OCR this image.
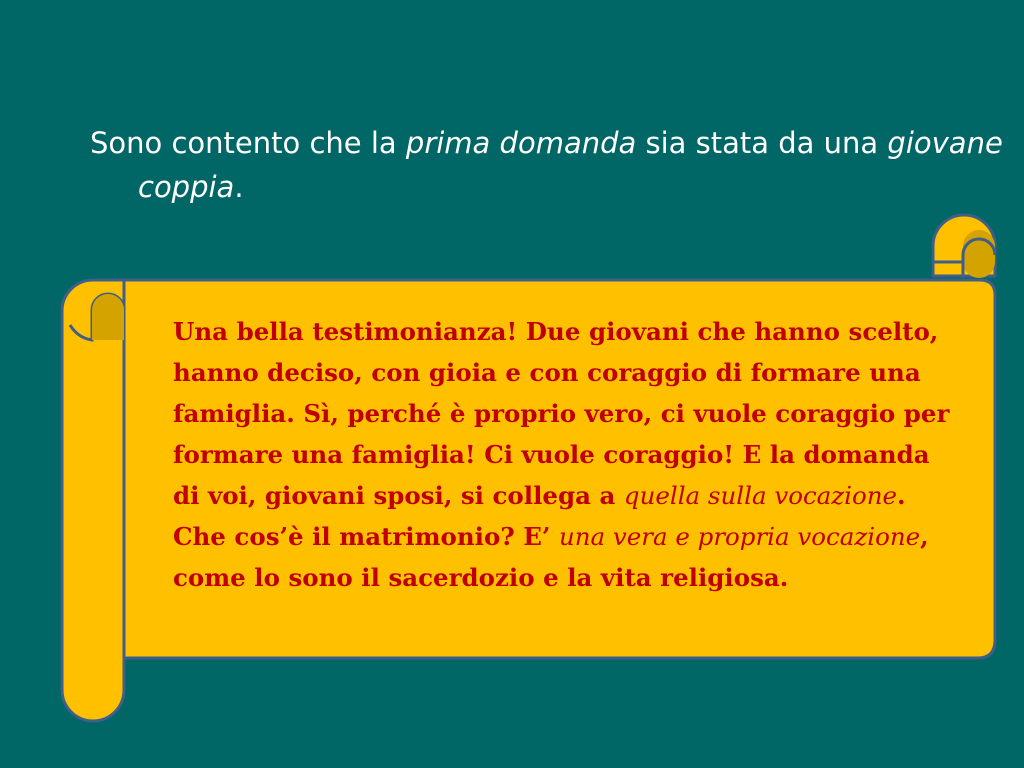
Sono contento che la prima domanda sia stata da una giovane coppia.

Una bella testimonianza! Due giovani che hanno scelto, hanno deciso, con gioia e con coraggio di formare una famiglia. Sì, perché è proprio vero, ci vuole coraggio per formare una famiglia! Ci vuole coraggio! E la domanda di voi, giovani sposi, si collega a quella sulla vocazione. Che cos’è il matrimonio? E’ una vera e propria vocazione, come lo sono il sacerdozio e la vita religiosa.
